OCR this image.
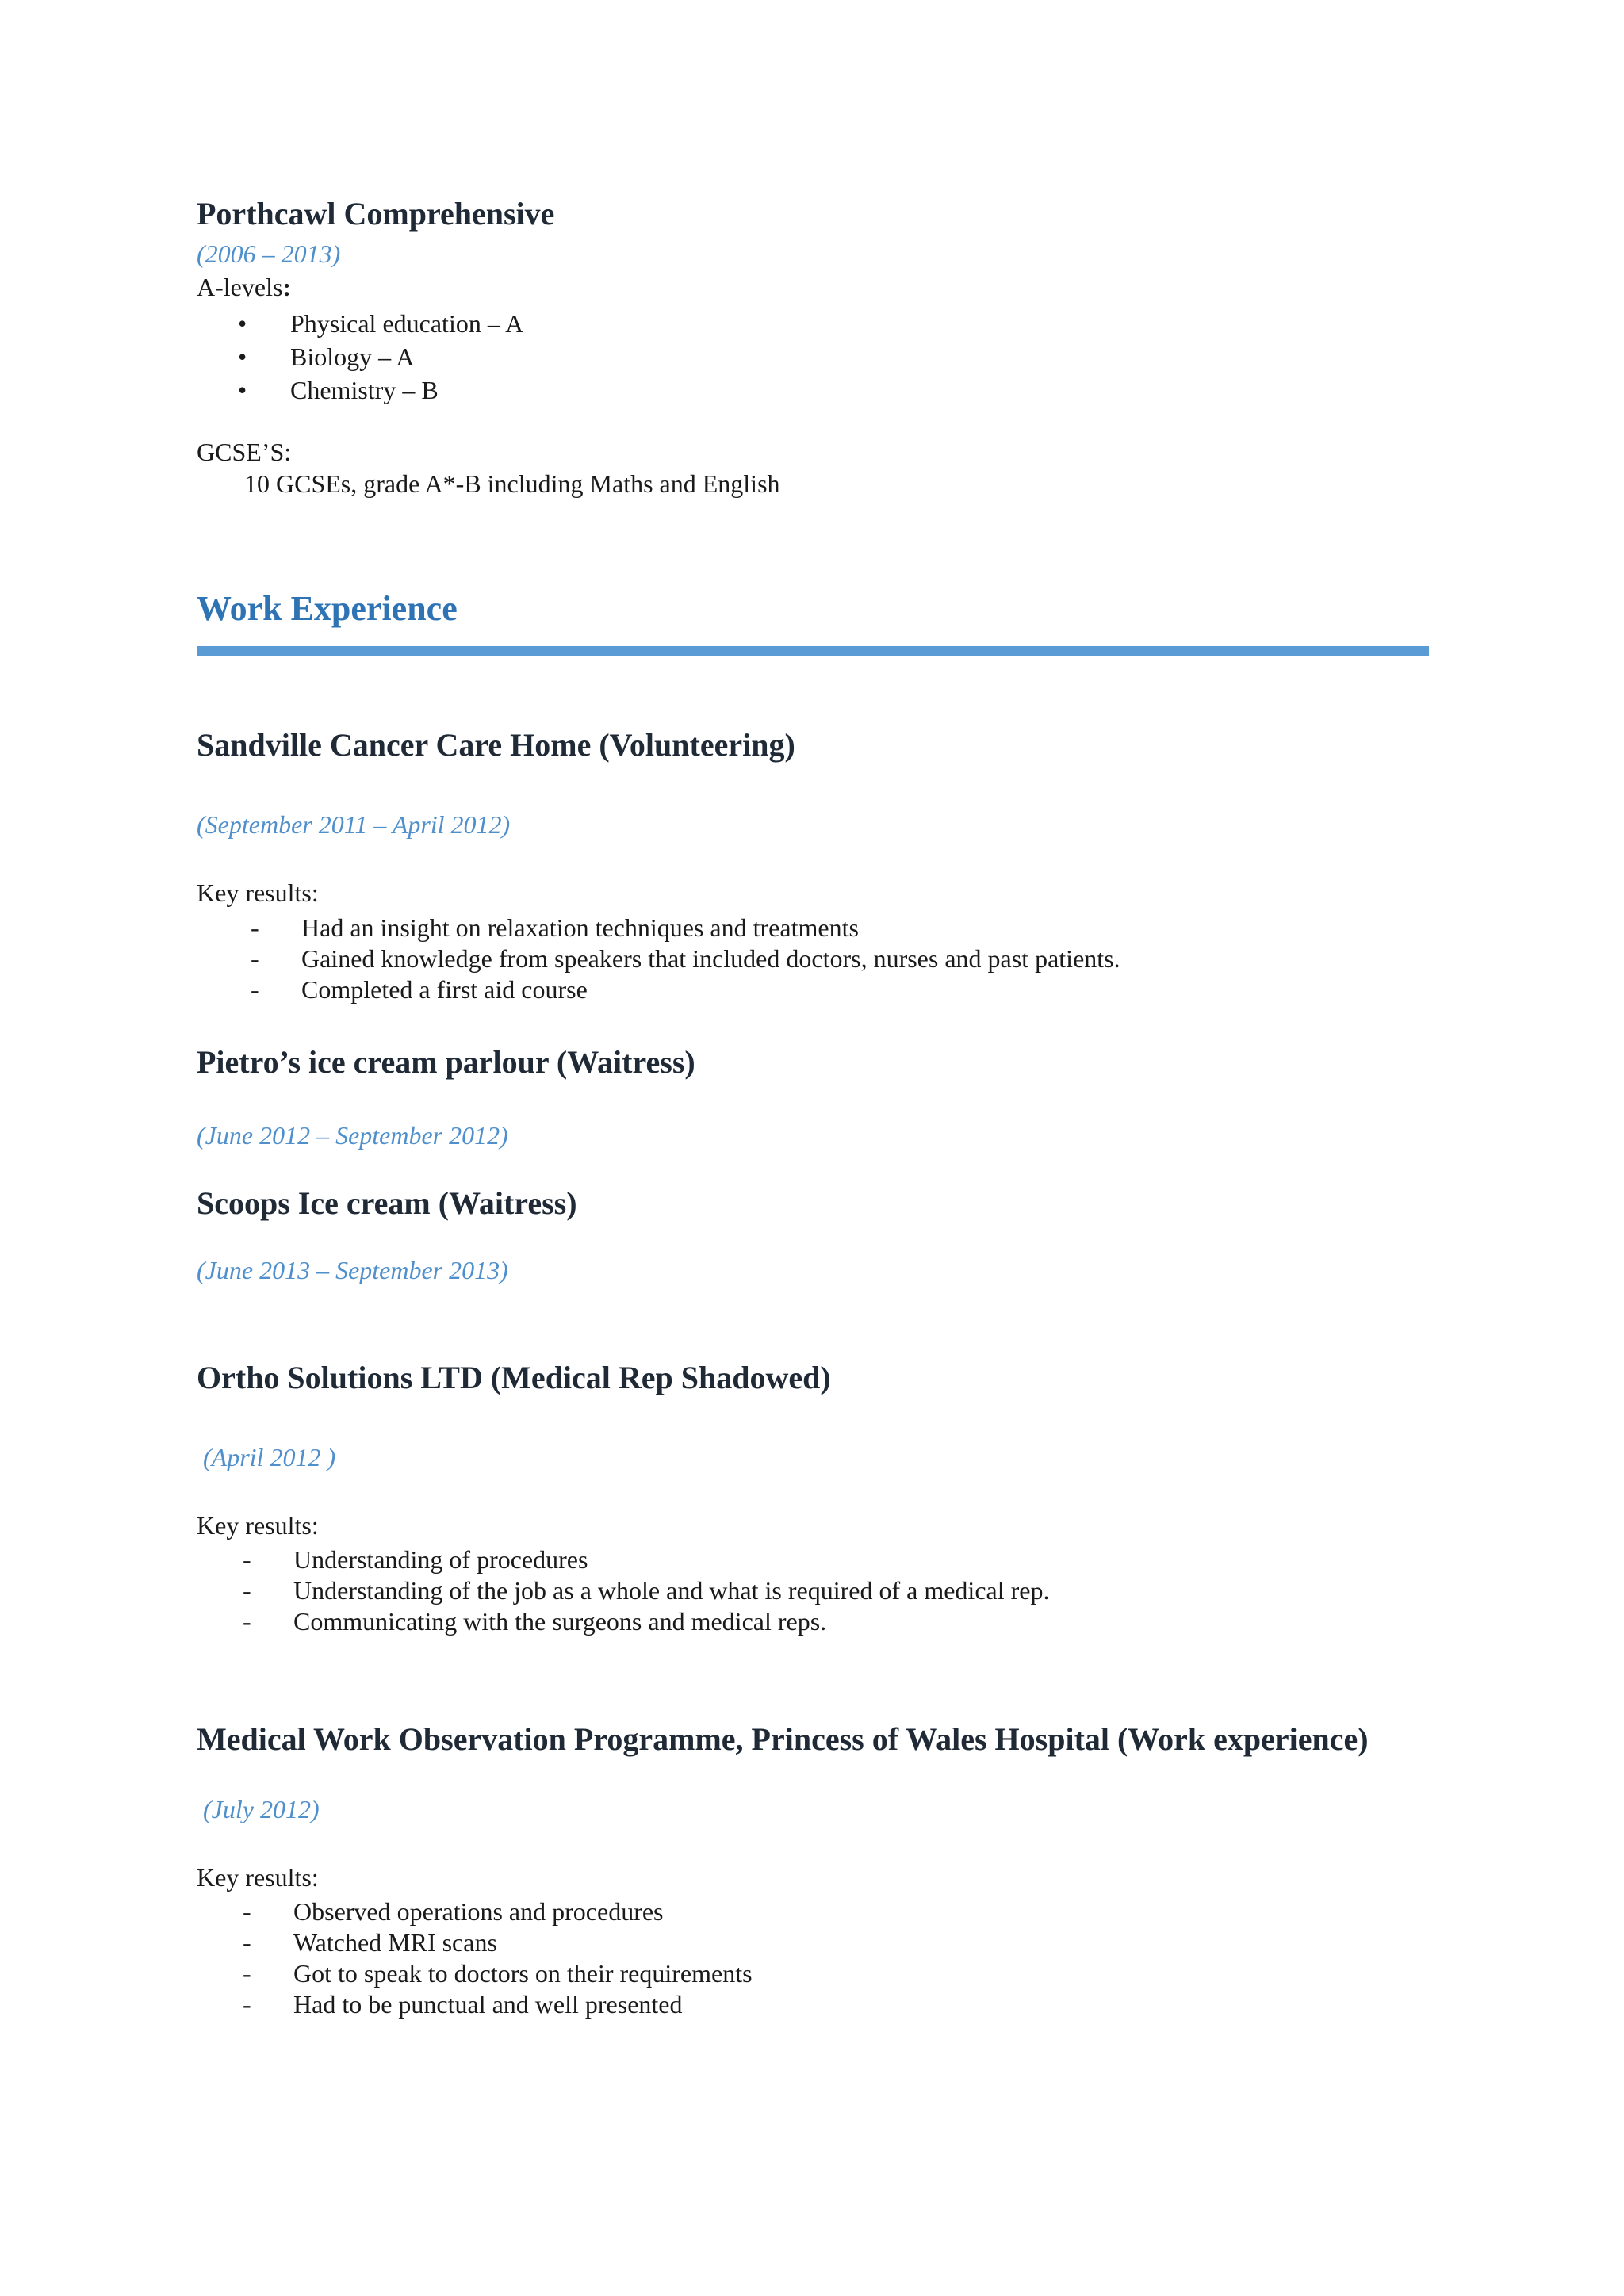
Porthcawl Comprehensive
(2006 – 2013)
A-levels:
• Physical education – A
• Biology – A
• Chemistry – B
GCSE’S:
10 GCSEs, grade A*-B including Maths and English
Work Experience
Sandville Cancer Care Home (Volunteering)
(September 2011 – April 2012)
Key results:
- Had an insight on relaxation techniques and treatments
- Gained knowledge from speakers that included doctors, nurses and past patients.
- Completed a first aid course
Pietro’s ice cream parlour (Waitress)
(June 2012 – September 2012)
Scoops Ice cream (Waitress)
(June 2013 – September 2013)
Ortho Solutions LTD (Medical Rep Shadowed)
(April 2012 )
Key results:
- Understanding of procedures
- Understanding of the job as a whole and what is required of a medical rep.
- Communicating with the surgeons and medical reps.
Medical Work Observation Programme, Princess of Wales Hospital (Work experience)
(July 2012)
Key results:
- Observed operations and procedures
- Watched MRI scans
- Got to speak to doctors on their requirements
- Had to be punctual and well presented
